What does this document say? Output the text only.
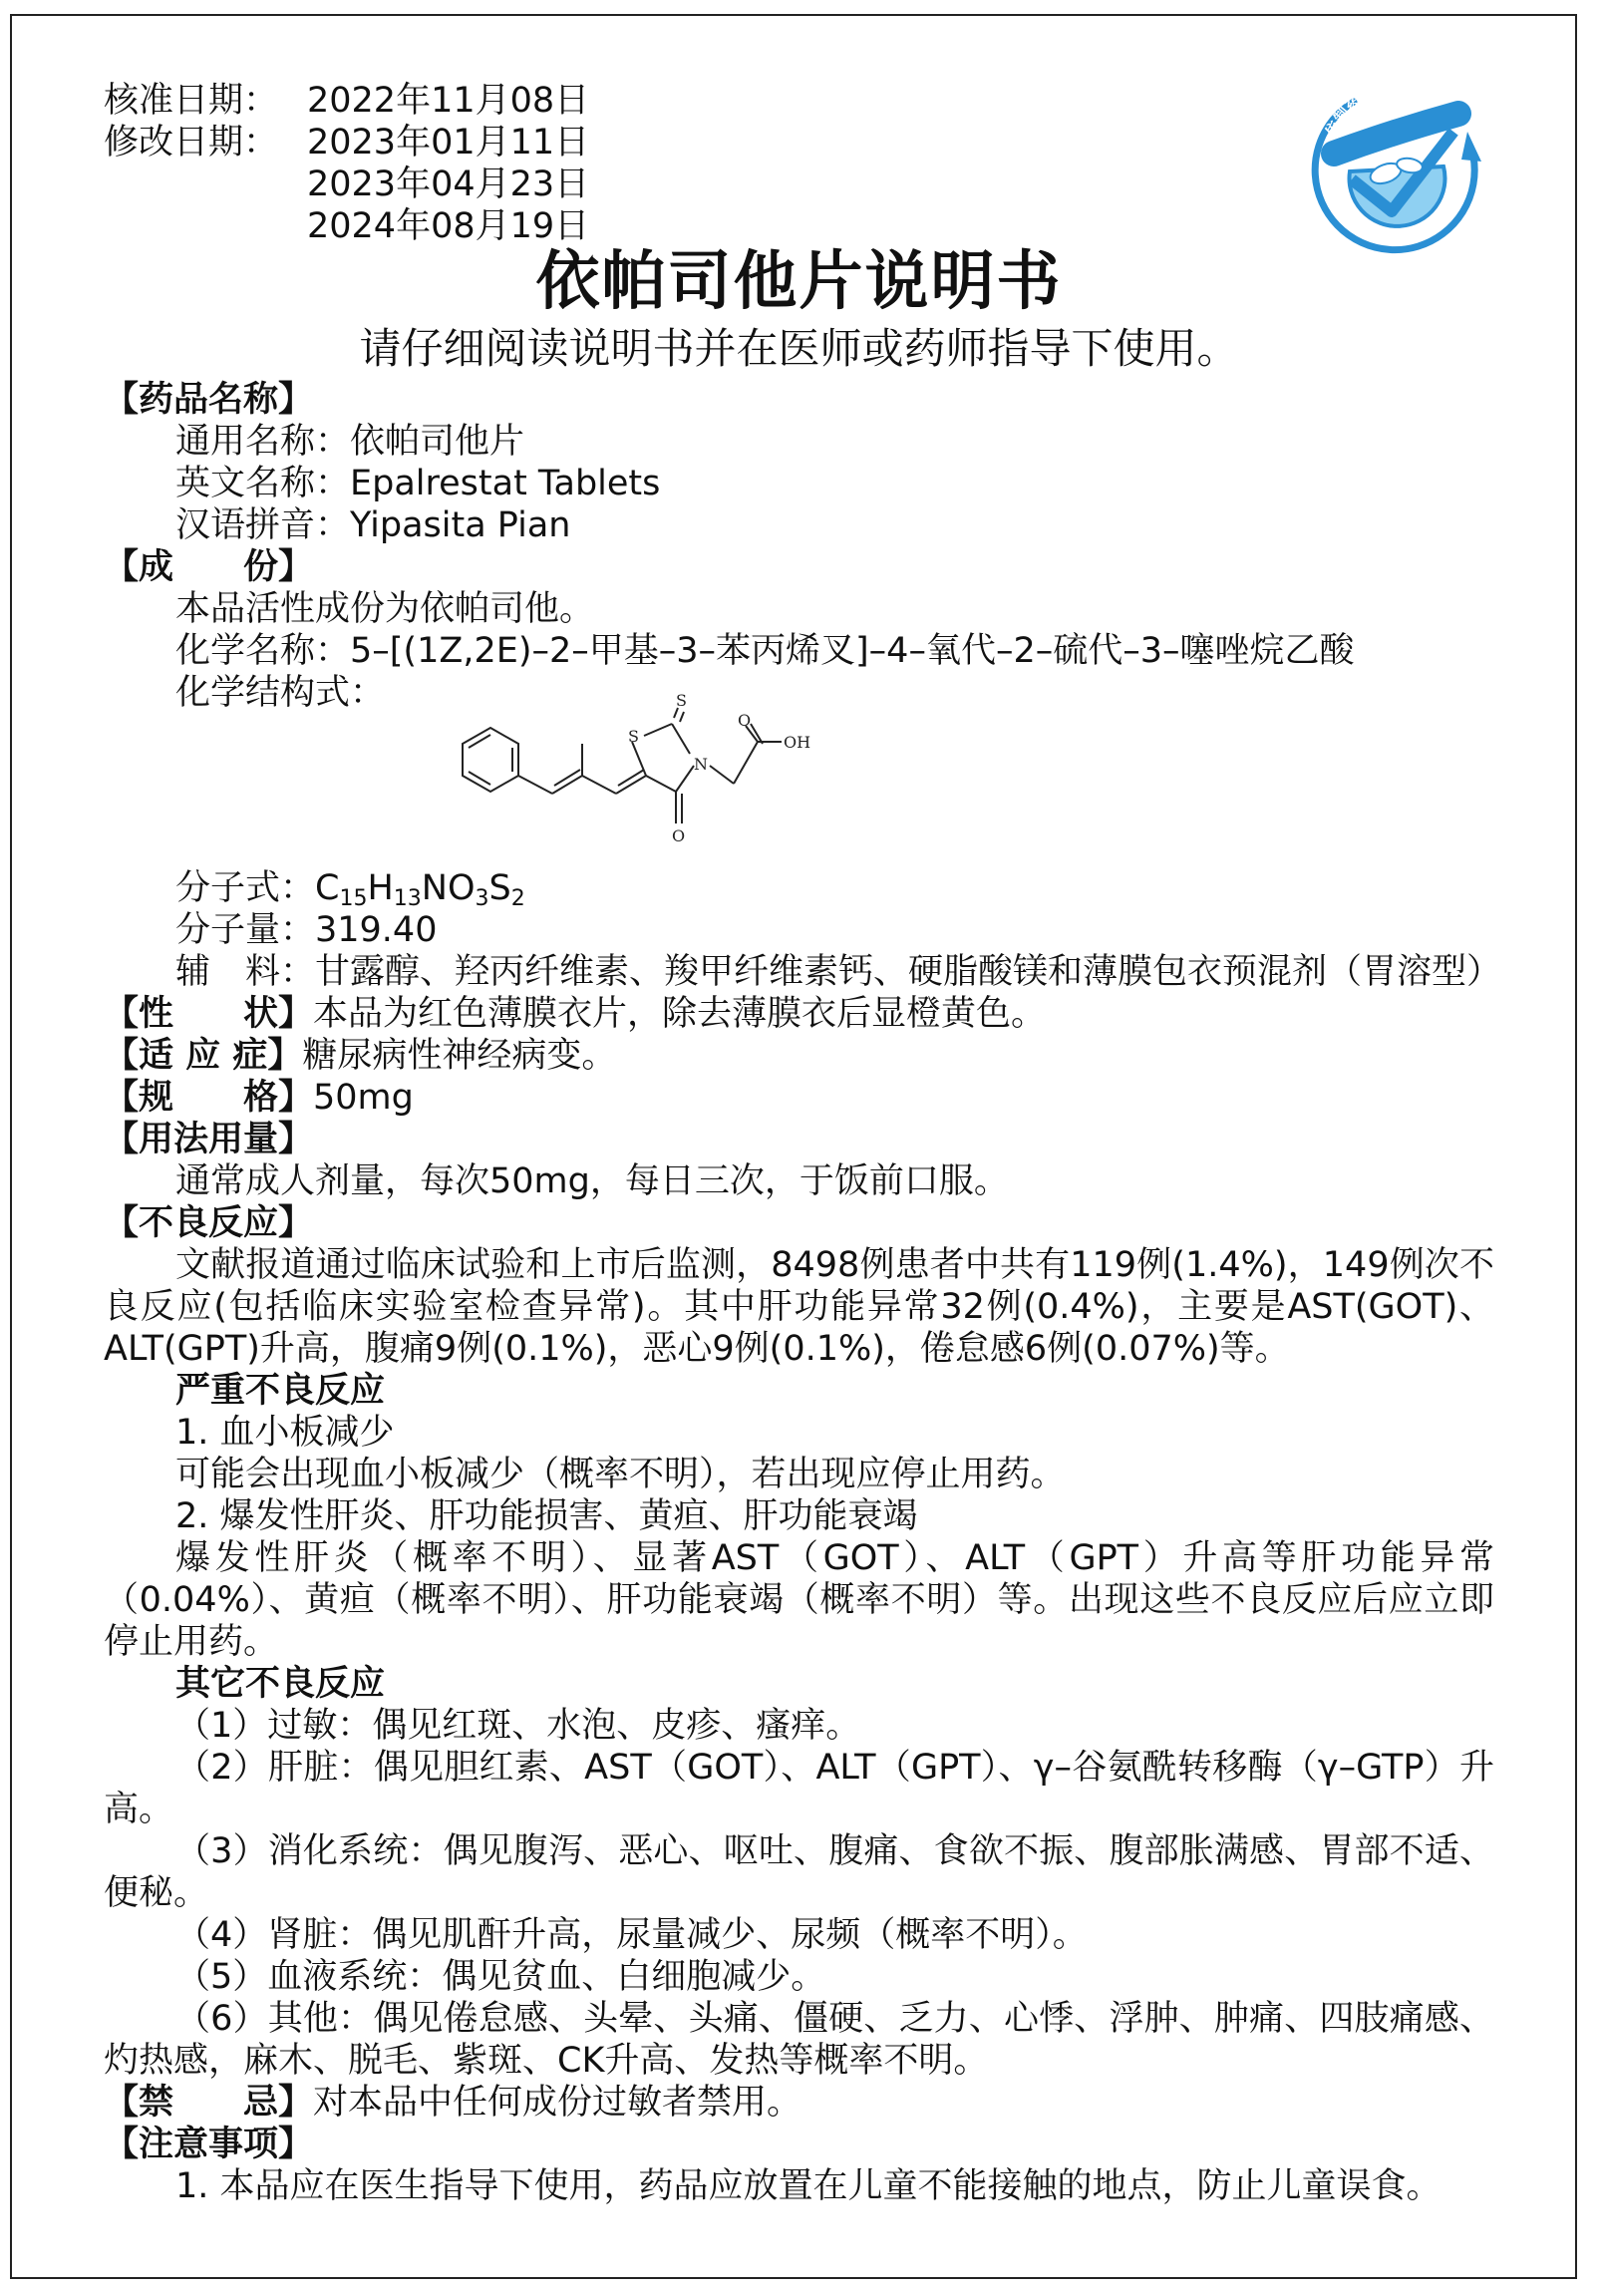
仿制药一致性评价
核准日期： 2022年11月08日
修改日期： 2023年01月11日
2023年04月23日
2024年08月19日
依帕司他片说明书
请仔细阅读说明书并在医师或药师指导下使用。
【药品名称】
通用名称：依帕司他片
英文名称：Epalrestat Tablets
汉语拼音：Yipasita Pian
【成　　份】
本品活性成份为依帕司他。
化学名称：5–[(1Z,2E)–2–甲基–3–苯丙烯叉]–4–氧代–2–硫代–3–噻唑烷乙酸
化学结构式：	S
S
N
O
OH
O
分子式：$C_{15}H_{13}NO_3S_2$
分子量：319.40
辅　料：甘露醇、羟丙纤维素、羧甲纤维素钙、硬脂酸镁和薄膜包衣预混剂（胃溶型）
【性　　状】本品为红色薄膜衣片，除去薄膜衣后显橙黄色。
【适 应 症】糖尿病性神经病变。
【规　　格】50mg
【用法用量】
通常成人剂量，每次50mg，每日三次，于饭前口服。
【不良反应】
文献报道通过临床试验和上市后监测，8498例患者中共有119例(1.4%)，149例次不良反应(包括临床实验室检查异常)。其中肝功能异常32例(0.4%)，主要是AST(GOT)、ALT(GPT)升高，腹痛9例(0.1%)，恶心9例(0.1%)，倦怠感6例(0.07%)等。
严重不良反应
1. 血小板减少
可能会出现血小板减少（概率不明），若出现应停止用药。
2. 爆发性肝炎、肝功能损害、黄疸、肝功能衰竭
爆发性肝炎（概率不明）、显著AST（GOT）、ALT（GPT）升高等肝功能异常（0.04%）、黄疸（概率不明）、肝功能衰竭（概率不明）等。出现这些不良反应后应立即停止用药。
其它不良反应
（1）过敏：偶见红斑、水泡、皮疹、瘙痒。
（2）肝脏：偶见胆红素、AST（GOT）、ALT（GPT）、γ–谷氨酰转移酶（γ–GTP）升高。
（3）消化系统：偶见腹泻、恶心、呕吐、腹痛、食欲不振、腹部胀满感、胃部不适、便秘。
（4）肾脏：偶见肌酐升高，尿量减少、尿频（概率不明）。
（5）血液系统：偶见贫血、白细胞减少。
（6）其他：偶见倦怠感、头晕、头痛、僵硬、乏力、心悸、浮肿、肿痛、四肢痛感、灼热感，麻木、脱毛、紫斑、CK升高、发热等概率不明。
【禁　　忌】对本品中任何成份过敏者禁用。
【注意事项】
1. 本品应在医生指导下使用，药品应放置在儿童不能接触的地点，防止儿童误食。
